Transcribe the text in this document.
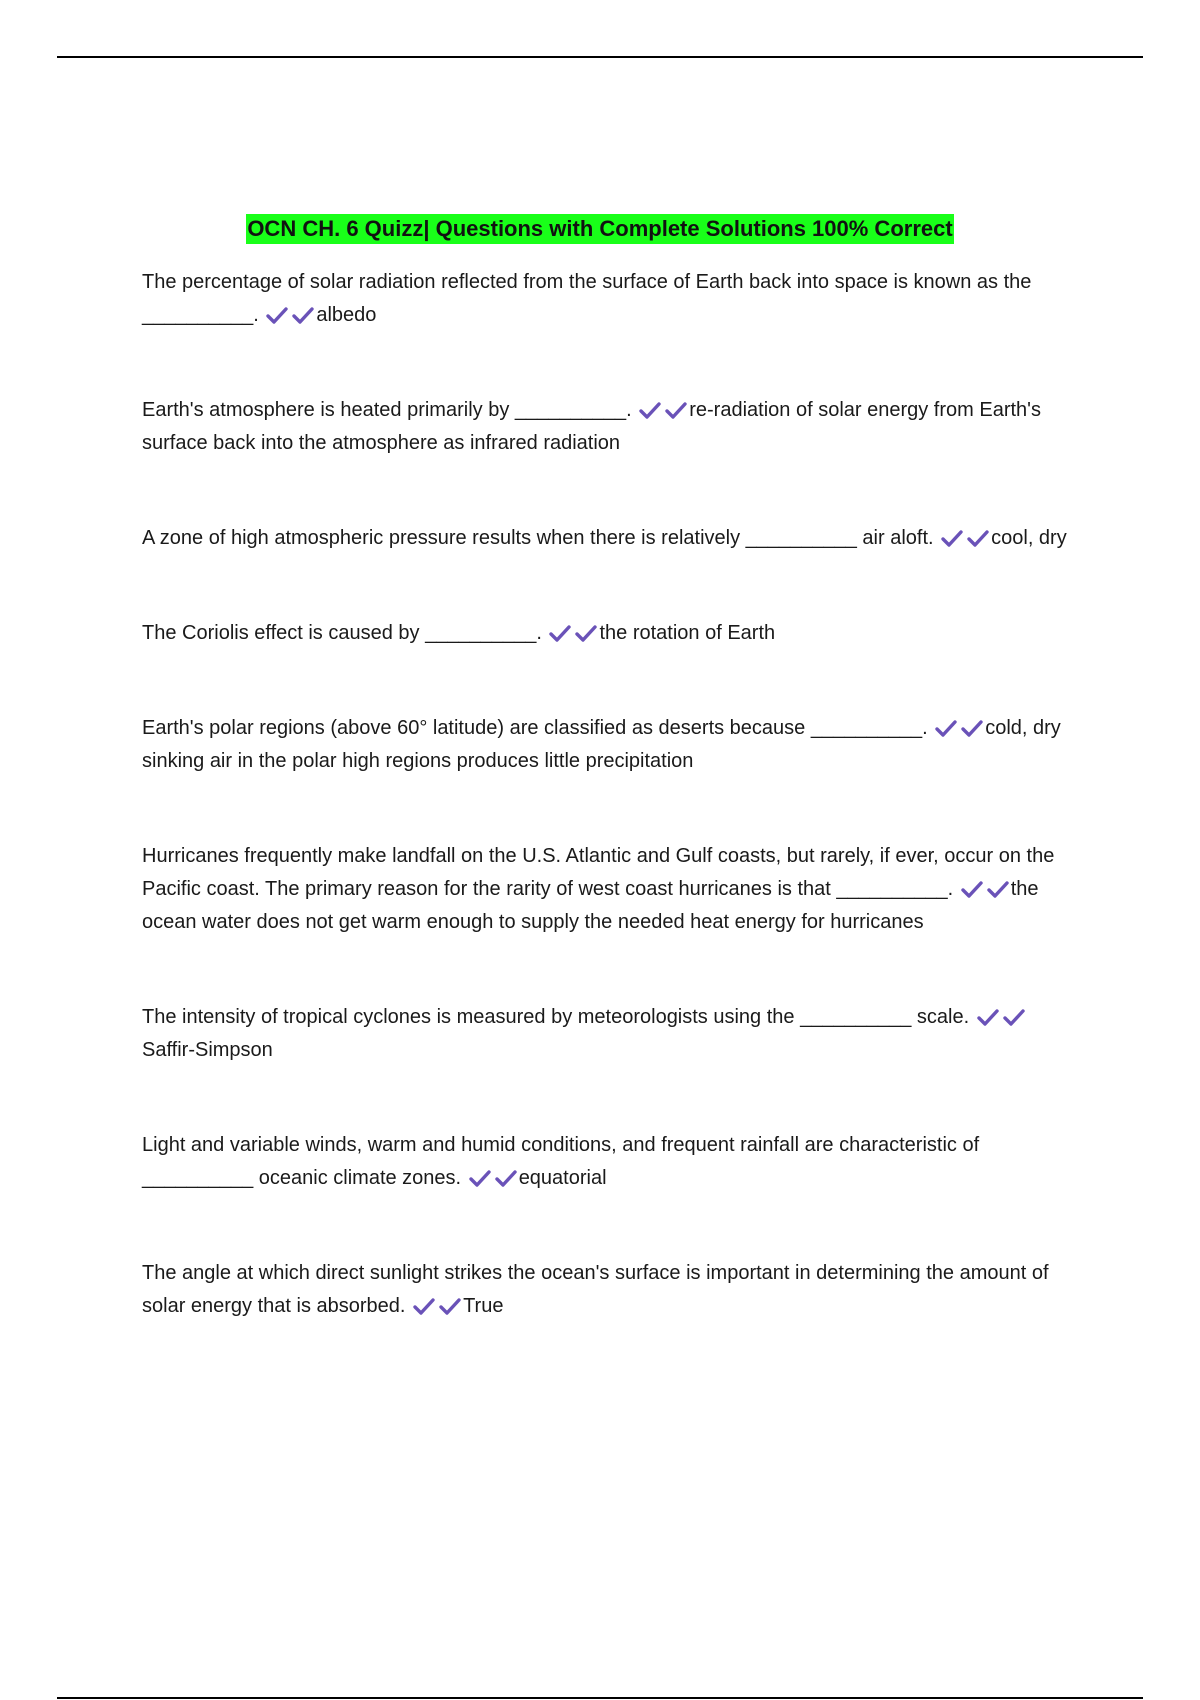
OCN CH. 6 Quizz| Questions with Complete Solutions 100% Correct

The percentage of solar radiation reflected from the surface of Earth back into space is known as the __________.	albedo

Earth's atmosphere is heated primarily by __________.	re-radiation of solar energy from Earth's surface back into the atmosphere as infrared radiation

A zone of high atmospheric pressure results when there is relatively __________ air aloft.	cool, dry

The Coriolis effect is caused by __________.	the rotation of Earth

Earth's polar regions (above 60° latitude) are classified as deserts because __________.	cold, dry sinking air in the polar high regions produces little precipitation

Hurricanes frequently make landfall on the U.S. Atlantic and Gulf coasts, but rarely, if ever, occur on the Pacific coast. The primary reason for the rarity of west coast hurricanes is that __________.	the ocean water does not get warm enough to supply the needed heat energy for hurricanes

The intensity of tropical cyclones is measured by meteorologists using the __________ scale.
Saffir-Simpson

Light and variable winds, warm and humid conditions, and frequent rainfall are characteristic of __________ oceanic climate zones.	equatorial

The angle at which direct sunlight strikes the ocean's surface is important in determining the amount of solar energy that is absorbed.	True
